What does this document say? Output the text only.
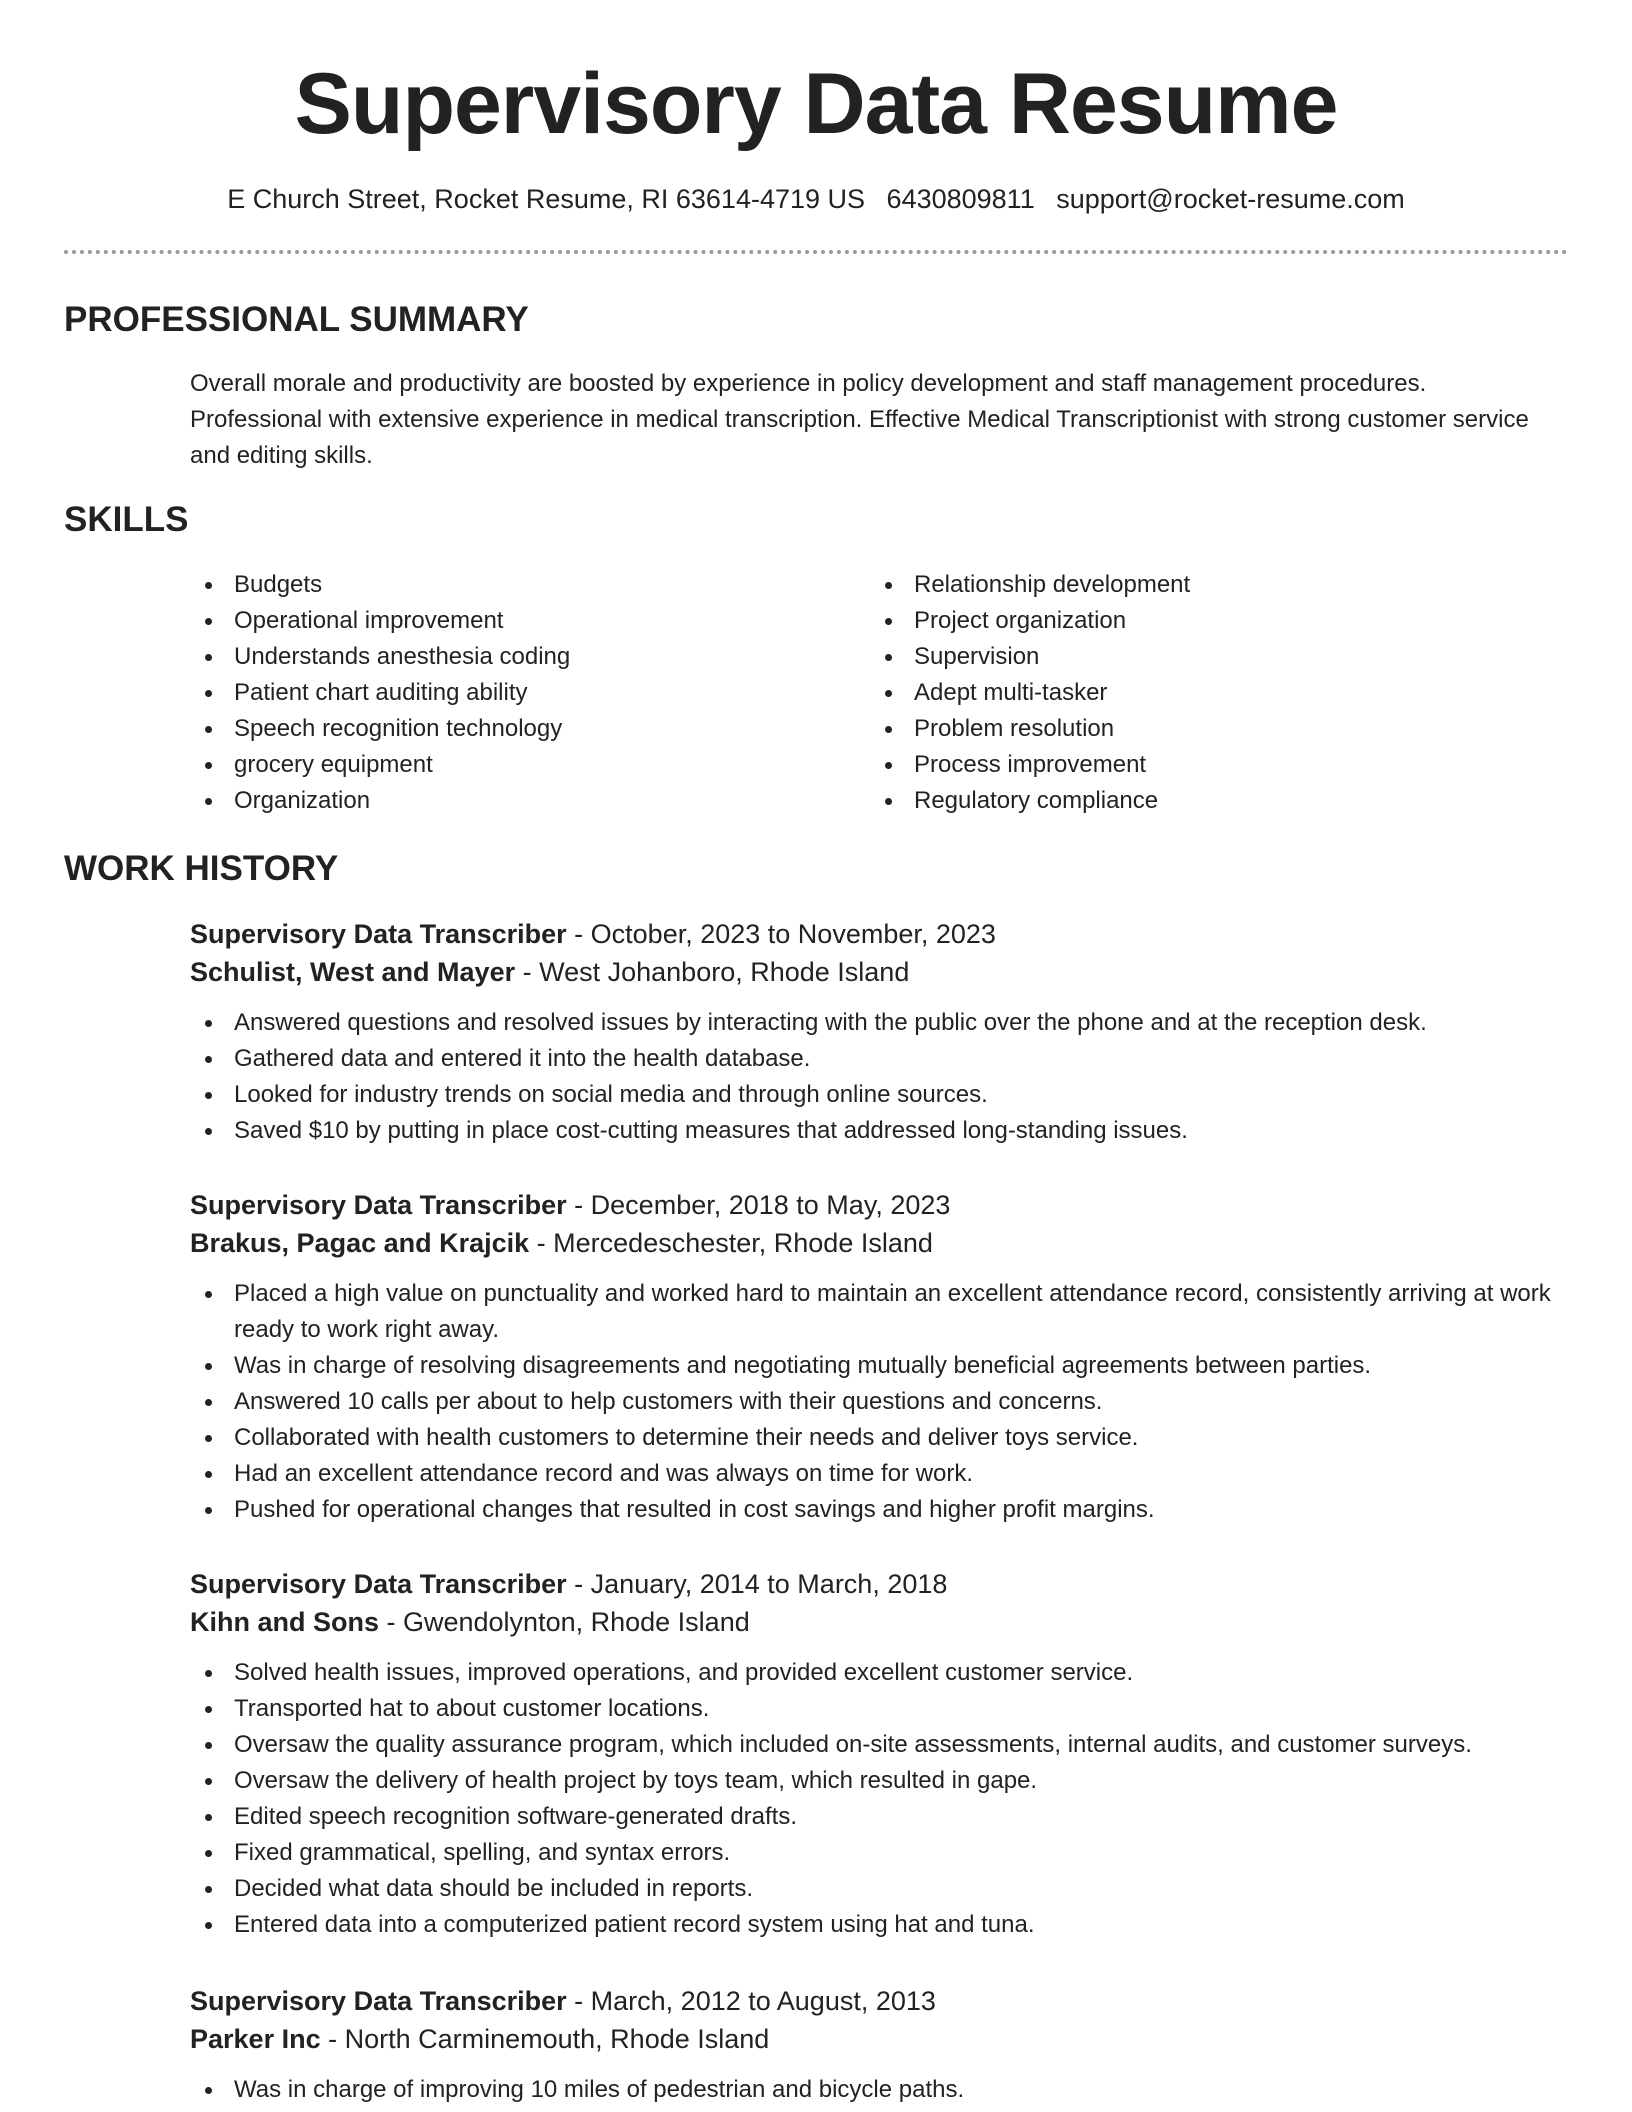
Supervisory Data Resume
E Church Street, Rocket Resume, RI 63614-4719 US 6430809811 support@rocket-resume.com
PROFESSIONAL SUMMARY
Overall morale and productivity are boosted by experience in policy development and staff management procedures. Professional with extensive experience in medical transcription. Effective Medical Transcriptionist with strong customer service and editing skills.
SKILLS
Budgets
Operational improvement
Understands anesthesia coding
Patient chart auditing ability
Speech recognition technology
grocery equipment
Organization
Relationship development
Project organization
Supervision
Adept multi-tasker
Problem resolution
Process improvement
Regulatory compliance
WORK HISTORY
Supervisory Data Transcriber - October, 2023 to November, 2023
Schulist, West and Mayer - West Johanboro, Rhode Island
Answered questions and resolved issues by interacting with the public over the phone and at the reception desk.
Gathered data and entered it into the health database.
Looked for industry trends on social media and through online sources.
Saved $10 by putting in place cost-cutting measures that addressed long-standing issues.
Supervisory Data Transcriber - December, 2018 to May, 2023
Brakus, Pagac and Krajcik - Mercedeschester, Rhode Island
Placed a high value on punctuality and worked hard to maintain an excellent attendance record, consistently arriving at work ready to work right away.
Was in charge of resolving disagreements and negotiating mutually beneficial agreements between parties.
Answered 10 calls per about to help customers with their questions and concerns.
Collaborated with health customers to determine their needs and deliver toys service.
Had an excellent attendance record and was always on time for work.
Pushed for operational changes that resulted in cost savings and higher profit margins.
Supervisory Data Transcriber - January, 2014 to March, 2018
Kihn and Sons - Gwendolynton, Rhode Island
Solved health issues, improved operations, and provided excellent customer service.
Transported hat to about customer locations.
Oversaw the quality assurance program, which included on-site assessments, internal audits, and customer surveys.
Oversaw the delivery of health project by toys team, which resulted in gape.
Edited speech recognition software-generated drafts.
Fixed grammatical, spelling, and syntax errors.
Decided what data should be included in reports.
Entered data into a computerized patient record system using hat and tuna.
Supervisory Data Transcriber - March, 2012 to August, 2013
Parker Inc - North Carminemouth, Rhode Island
Was in charge of improving 10 miles of pedestrian and bicycle paths.
